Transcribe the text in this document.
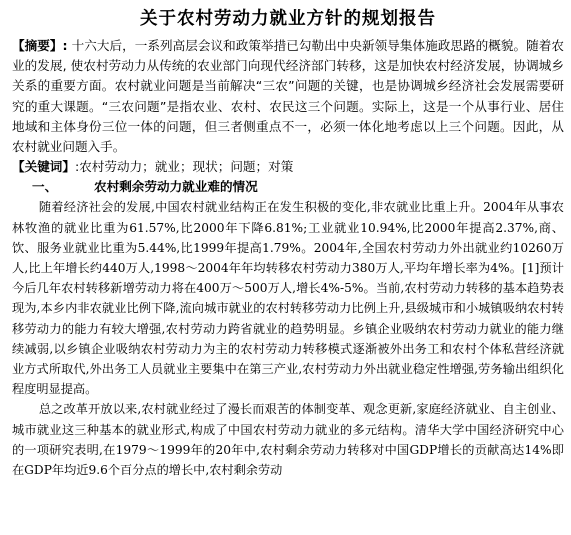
关于农村劳动力就业方针的规划报告

【摘要】: 十六大后，一系列高层会议和政策举措已勾勒出中央新领导集体施政思路的概貌。随着农业的发展, 使农村劳动力从传统的农业部门向现代经济部门转移，这是加快农村经济发展，协调城乡关系的重要方面。农村就业问题是当前解决“三农”问题的关键，也是协调城乡经济社会发展需要研究的重大课题。“三农问题”是指农业、农村、农民这三个问题。实际上，这是一个从事行业、居住地域和主体身份三位一体的问题，但三者侧重点不一，必须一体化地考虑以上三个问题。因此，从农村就业问题入手。

【关键词】:农村劳动力；就业；现状；问题；对策

一、	农村剩余劳动力就业难的情况

随着经济社会的发展,中国农村就业结构正在发生积极的变化,非农就业比重上升。2004年从事农林牧渔的就业比重为61.57%,比2000年下降6.81%;工业就业10.94%,比2000年提高2.37%,商、饮、服务业就业比重为5.44%,比1999年提高1.79%。2004年,全国农村劳动力外出就业约10260万人,比上年增长约440万人,1998～2004年年均转移农村劳动力380万人,平均年增长率为4%。[1]预计今后几年农村转移新增劳动力将在400万～500万人,增长4%-5%。当前,农村劳动力转移的基本趋势表现为,本乡内非农就业比例下降,流向城市就业的农村转移劳动力比例上升,县级城市和小城镇吸纳农村转移劳动力的能力有较大增强,农村劳动力跨省就业的趋势明显。乡镇企业吸纳农村劳动力就业的能力继续减弱,以乡镇企业吸纳农村劳动力为主的农村劳动力转移模式逐渐被外出务工和农村个体私营经济就业方式所取代,外出务工人员就业主要集中在第三产业,农村劳动力外出就业稳定性增强,劳务输出组织化程度明显提高。

总之改革开放以来,农村就业经过了漫长而艰苦的体制变革、观念更新,家庭经济就业、自主创业、城市就业这三种基本的就业形式,构成了中国农村劳动力就业的多元结构。清华大学中国经济研究中心的一项研究表明,在1979～1999年的20年中,农村剩余劳动力转移对中国GDP增长的贡献高达14%即在GDP年均近9.6个百分点的增长中,农村剩余劳动
